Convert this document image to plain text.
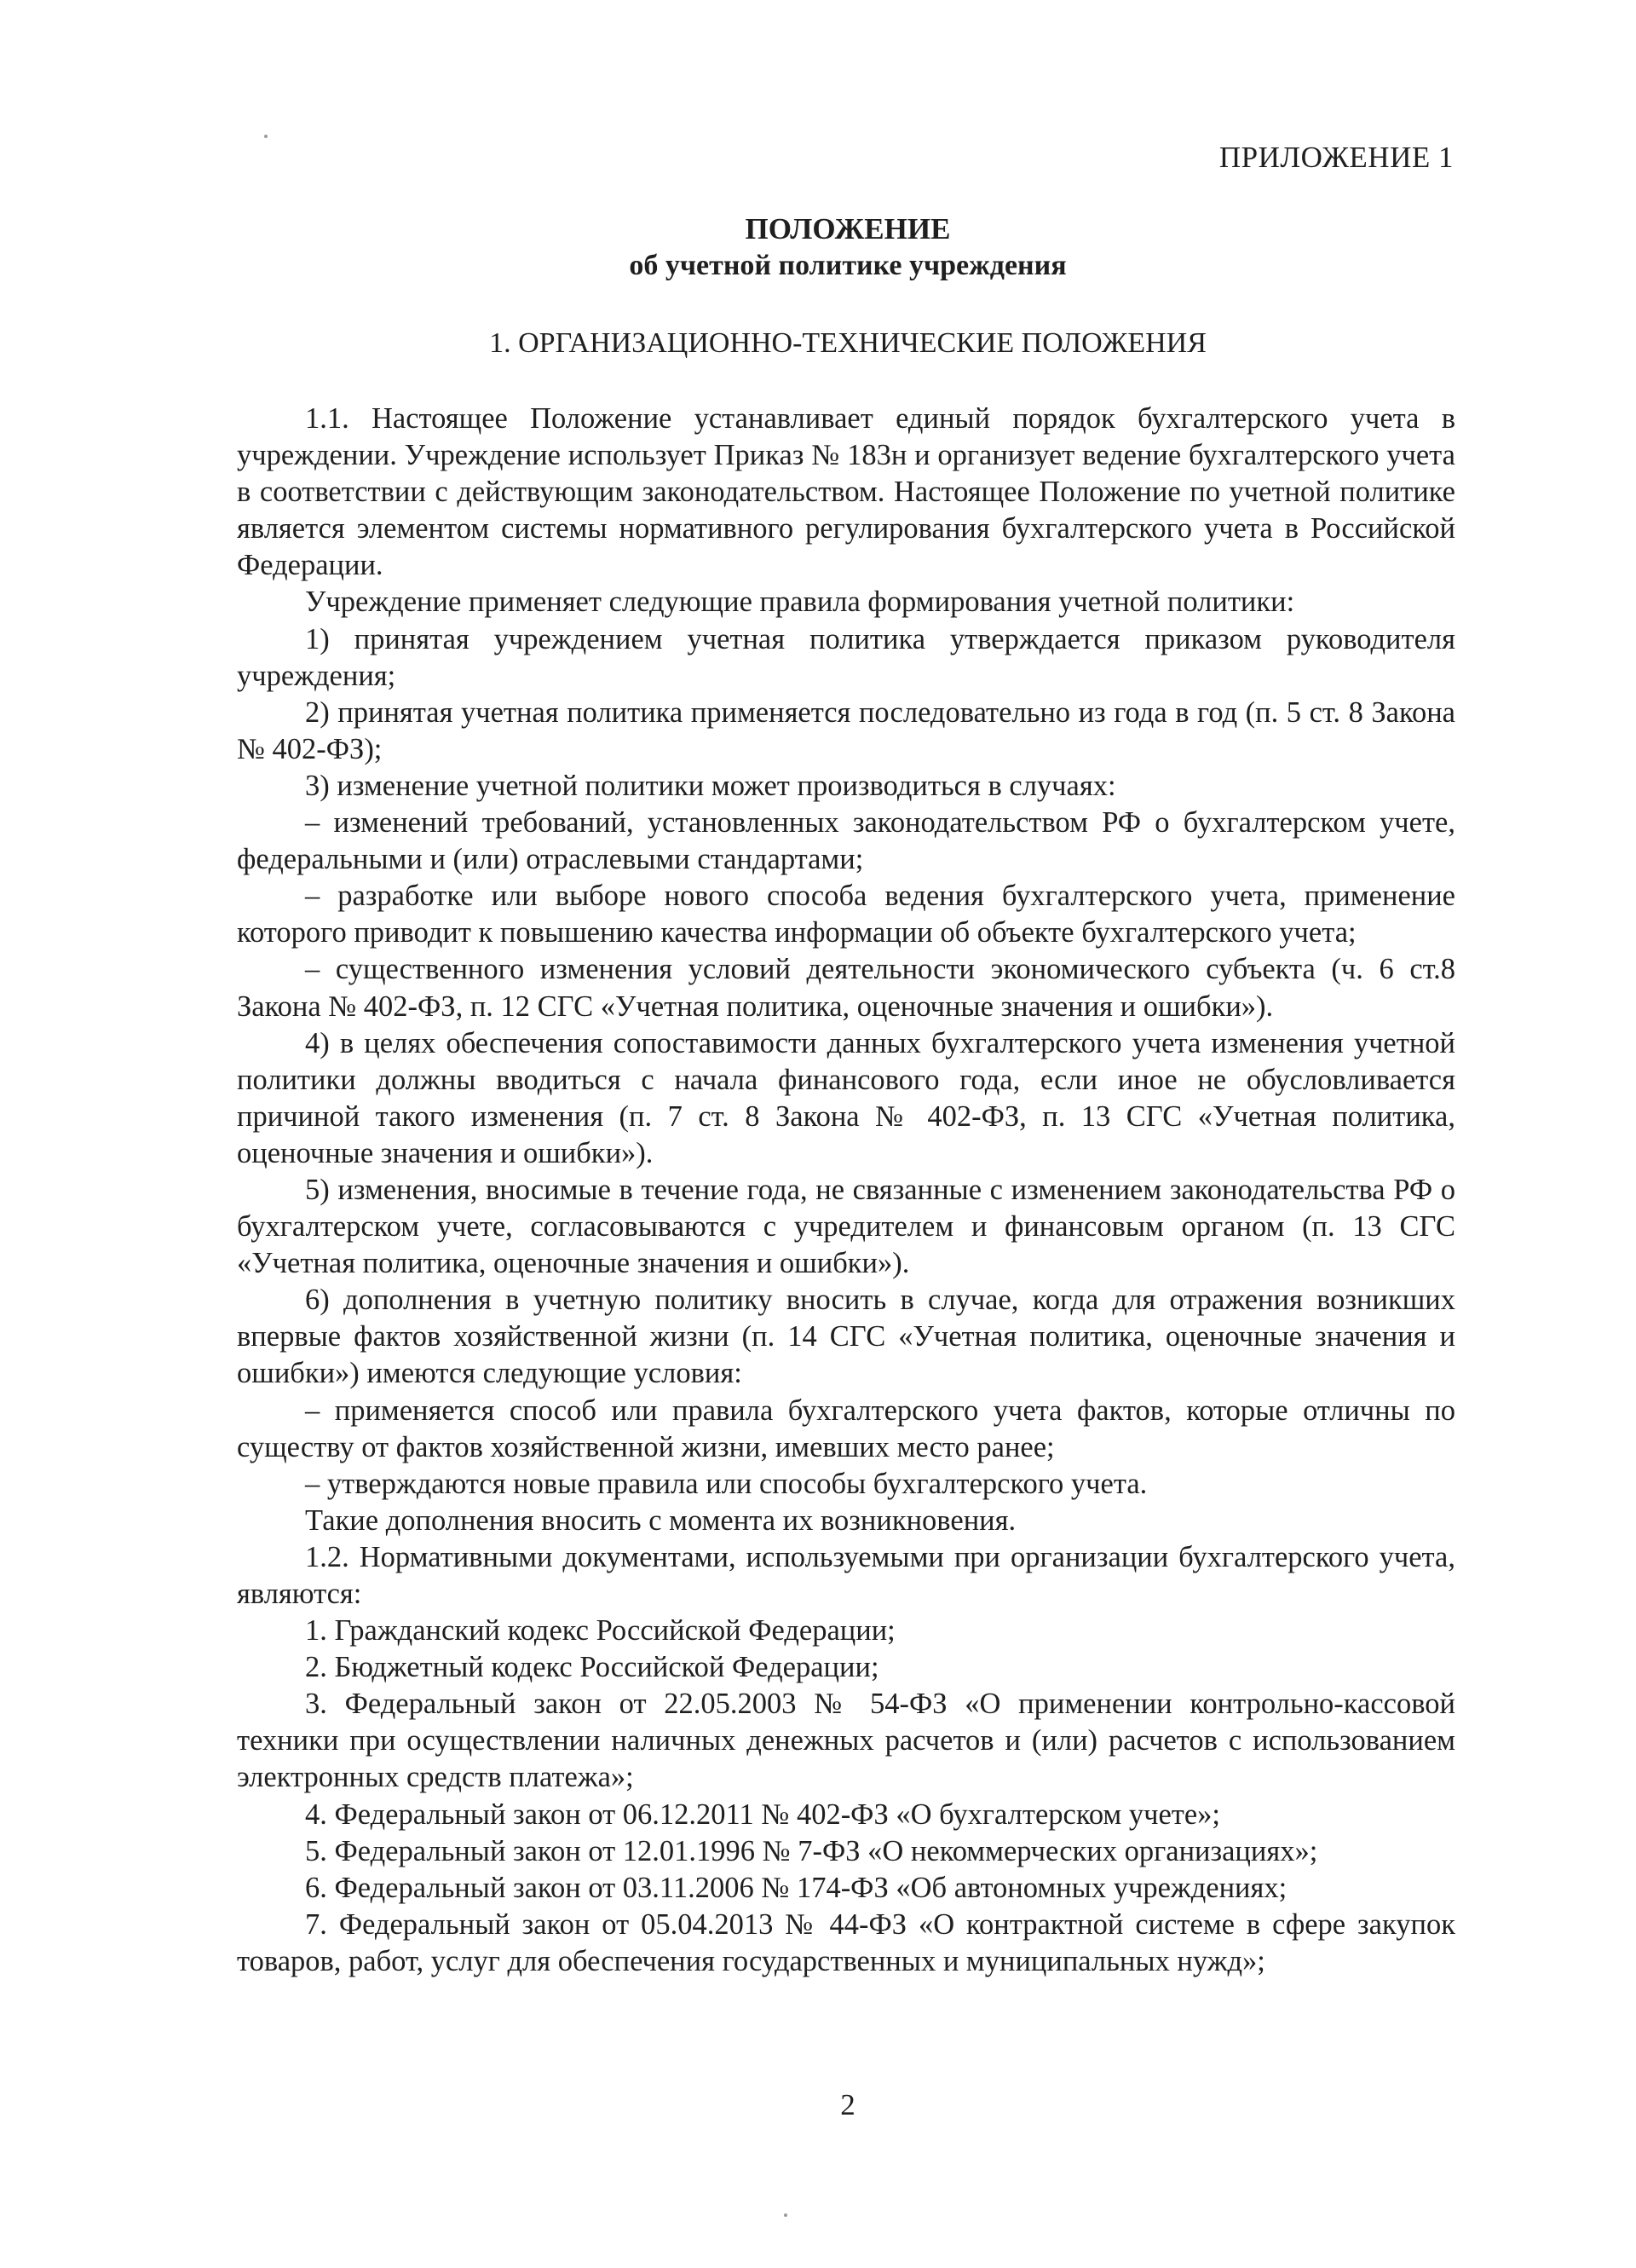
ПРИЛОЖЕНИЕ 1
ПОЛОЖЕНИЕ
об учетной политике учреждения
1. ОРГАНИЗАЦИОННО-ТЕХНИЧЕСКИЕ ПОЛОЖЕНИЯ

1.1. Настоящее Положение устанавливает единый порядок бухгалтерского учета в учреждении. Учреждение использует Приказ № 183н и организует ведение бухгалтерского учета в соответствии с действующим законодательством. Настоящее Положение по учетной политике является элементом системы нормативного регулирования бухгалтерского учета в Российской Федерации.

Учреждение применяет следующие правила формирования учетной политики:

1) принятая учреждением учетная политика утверждается приказом руководителя учреждения;

2) принятая учетная политика применяется последовательно из года в год (п. 5 ст. 8 Закона № 402-ФЗ);

3) изменение учетной политики может производиться в случаях:

– изменений требований, установленных законодательством РФ о бухгалтерском учете, федеральными и (или) отраслевыми стандартами;

– разработке или выборе нового способа ведения бухгалтерского учета, применение которого приводит к повышению качества информации об объекте бухгалтерского учета;

– существенного изменения условий деятельности экономического субъекта (ч. 6 ст.8 Закона № 402-ФЗ, п. 12 СГС «Учетная политика, оценочные значения и ошибки»).

4) в целях обеспечения сопоставимости данных бухгалтерского учета изменения учетной политики должны вводиться с начала финансового года, если иное не обусловливается причиной такого изменения (п. 7 ст. 8 Закона № 402-ФЗ, п. 13 СГС «Учетная политика, оценочные значения и ошибки»).

5) изменения, вносимые в течение года, не связанные с изменением законодательства РФ о бухгалтерском учете, согласовываются с учредителем и финансовым органом (п. 13 СГС «Учетная политика, оценочные значения и ошибки»).

6) дополнения в учетную политику вносить в случае, когда для отражения возникших впервые фактов хозяйственной жизни (п. 14 СГС «Учетная политика, оценочные значения и ошибки») имеются следующие условия:

– применяется способ или правила бухгалтерского учета фактов, которые отличны по существу от фактов хозяйственной жизни, имевших место ранее;

– утверждаются новые правила или способы бухгалтерского учета.

Такие дополнения вносить с момента их возникновения.

1.2. Нормативными документами, используемыми при организации бухгалтерского учета, являются:

1. Гражданский кодекс Российской Федерации;

2. Бюджетный кодекс Российской Федерации;

3. Федеральный закон от 22.05.2003 № 54-ФЗ «О применении контрольно-кассовой техники при осуществлении наличных денежных расчетов и (или) расчетов с использованием электронных средств платежа»;

4. Федеральный закон от 06.12.2011 № 402-ФЗ «О бухгалтерском учете»;

5. Федеральный закон от 12.01.1996 № 7-ФЗ «О некоммерческих организациях»;

6. Федеральный закон от 03.11.2006 № 174-ФЗ «Об автономных учреждениях;

7. Федеральный закон от 05.04.2013 № 44-ФЗ «О контрактной системе в сфере закупок товаров, работ, услуг для обеспечения государственных и муниципальных нужд»;

2
